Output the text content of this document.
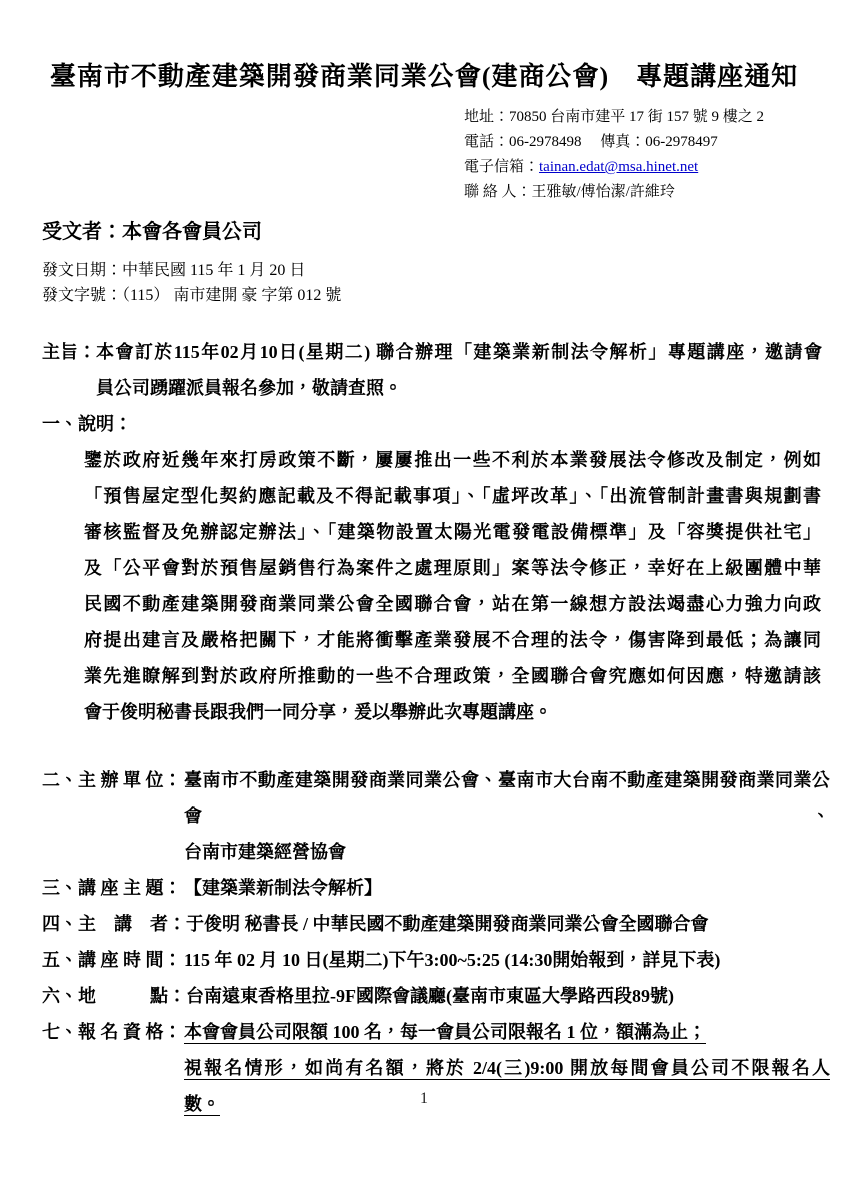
臺南市不動產建築開發商業同業公會(建商公會)　專題講座通知
地址：70850 台南市建平 17 街 157 號 9 樓之 2
電話：06-2978498　 傳真：06-2978497
電子信箱：tainan.edat@msa.hinet.net
聯 絡 人：王雅敏/傅怡潔/許維玲
受文者：本會各會員公司
發文日期：中華民國 115 年 1 月 20 日
發文字號：（115） 南市建開 豪 字第 012 號
主旨： 本會訂於115年02月10日(星期二) 聯合辦理「建築業新制法令解析」專題講座，邀請會
員公司踴躍派員報名參加，敬請查照。
一、說明：
鑒於政府近幾年來打房政策不斷，屢屢推出一些不利於本業發展法令修改及制定，例如
「預售屋定型化契約應記載及不得記載事項」、「虛坪改革」、「出流管制計畫書與規劃書
審核監督及免辦認定辦法」、「建築物設置太陽光電發電設備標準」及「容獎提供社宅」
及「公平會對於預售屋銷售行為案件之處理原則」案等法令修正，幸好在上級團體中華
民國不動產建築開發商業同業公會全國聯合會，站在第一線想方設法竭盡心力強力向政
府提出建言及嚴格把關下，才能將衝擊產業發展不合理的法令，傷害降到最低；為讓同
業先進瞭解到對於政府所推動的一些不合理政策，全國聯合會究應如何因應，特邀請該
會于俊明秘書長跟我們一同分享，爰以舉辦此次專題講座。
二、主 辦 單 位： 臺南市不動產建築開發商業同業公會、臺南市大台南不動產建築開發商業同業公會、
台南市建築經營協會
三、講 座 主 題： 【建築業新制法令解析】
四、主　講　者： 于俊明 秘書長 / 中華民國不動產建築開發商業同業公會全國聯合會
五、講 座 時 間： 115 年 02 月 10 日(星期二)下午3:00~5:25 (14:30開始報到，詳見下表)
六、地　　　點： 台南遠東香格里拉-9F國際會議廳(臺南市東區大學路西段89號)
七、報 名 資 格： 本會會員公司限額 100 名，每一會員公司限報名 1 位，額滿為止；
視報名情形，如尚有名額，將於 2/4(三)9:00 開放每間會員公司不限報名人
數。	1
